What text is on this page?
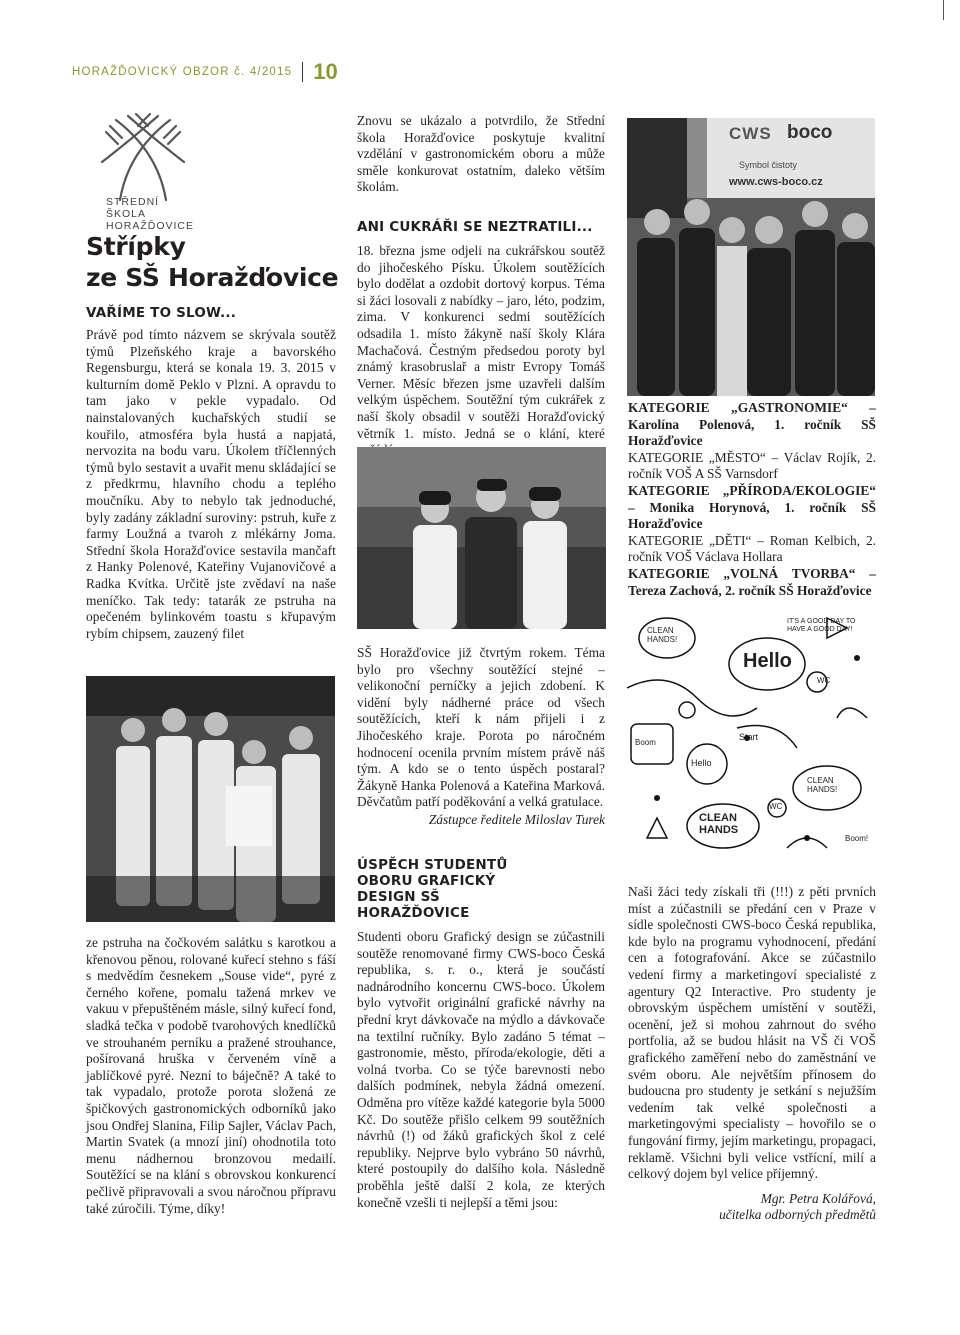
HORAŽĎOVICKÝ OBZOR č. 4/2015 10
STŘEDNÍ ŠKOLA
HORAŽĎOVICE
Střípky
ze SŠ Horažďovice

VAŘÍME TO SLOW...

Právě pod tímto názvem se skrývala soutěž týmů Plzeňského kraje a bavorského Regensburgu, která se konala 19. 3. 2015 v kulturním domě Peklo v Plzni. A opravdu to tam jako v pekle vypadalo. Od nainstalovaných kuchařských studií se kouřilo, atmosféra byla hustá a napjatá, nervozita na bodu varu. Úkolem tříčlenných týmů bylo sestavit a uvařit menu skládající se z předkrmu, hlavního chodu a teplého moučníku. Aby to nebylo tak jednoduché, byly zadány základní suroviny: pstruh, kuře z farmy Loužná a tvaroh z mlékárny Joma. Střední škola Horažďovice sestavila mančaft z Hanky Polenové, Kateřiny Vujanovičové a Radka Kvítka. Určitě jste zvědaví na naše meníčko. Tak tedy: tatarák ze pstruha na opečeném bylinkovém toastu s křupavým rybím chipsem, zauzený filet

ze pstruha na čočkovém salátku s karotkou a křenovou pěnou, rolované kuřecí stehno s fáší s medvědím česnekem „Souse vide“, pyré z černého kořene, pomalu tažená mrkev ve vakuu v přepuštěném másle, silný kuřecí fond, sladká tečka v podobě tvarohových knedlíčků ve strouhaném perníku a pražené strouhance, pošírovaná hruška v červeném víně a jablíčkové pyré. Nezní to báječně? A také to tak vypadalo, protože porota složená ze špičkových gastronomických odborníků jako jsou Ondřej Slanina, Filip Sajler, Václav Pach, Martin Svatek (a mnozí jiní) ohodnotila toto menu nádhernou bronzovou medailí. Soutěžící se na klání s obrovskou konkurencí pečlivě připravovali a svou náročnou přípravu také zúročili. Týme, díky!

Znovu se ukázalo a potvrdilo, že Střední škola Horažďovice poskytuje kvalitní vzdělání v gastronomickém oboru a může směle konkurovat ostatním, daleko větším školám.

ANI CUKRÁŘI SE NEZTRATILI...

18. března jsme odjeli na cukrářskou soutěž do jihočeského Písku. Úkolem soutěžících bylo dodělat a ozdobit dortový korpus. Téma si žáci losovali z nabídky – jaro, léto, podzim, zima. V konkurenci sedmi soutěžících odsadila 1. místo žákyně naší školy Klára Machačová. Čestným předsedou poroty byl známý krasobruslař a mistr Evropy Tomáš Verner. Měsíc březen jsme uzavřeli dalším velkým úspěchem. Soutěžní tým cukrářek z naší školy obsadil v soutěži Horažďovický větrník 1. místo. Jedná se o klání, které

SŠ Horažďovice již čtvrtým rokem. Téma bylo pro všechny soutěžící stejné – velikonoční perníčky a jejich zdobení. K vidění byly nádherné práce od všech soutěžících, kteří k nám přijeli i z Jihočeského kraje. Porota po náročném hodnocení ocenila prvním místem právě náš tým. A kdo se o tento úspěch postaral? Žákyně Hanka Polenová a Kateřina Marková. Děvčatům patří poděkování a velká gratulace.

Zástupce ředitele Miloslav Turek

ÚSPĚCH STUDENTŮ OBORU GRAFICKÝ DESIGN SŠ HORAŽĎOVICE

Studenti oboru Grafický design se zúčastnili soutěže renomované firmy CWS-boco Česká republika, s. r. o., která je součástí nadnárodního koncernu CWS-boco. Úkolem bylo vytvořit originální grafické návrhy na přední kryt dávkovače na mýdlo a dávkovače na textilní ručníky. Bylo zadáno 5 témat – gastronomie, město, příroda/ekologie, děti a volná tvorba. Co se týče barevnosti nebo dalších podmínek, nebyla žádná omezení. Odměna pro vítěze každé kategorie byla 5000 Kč. Do soutěže přišlo celkem 99 soutěžních návrhů (!) od žáků grafických škol z celé republiky. Nejprve bylo vybráno 50 návrhů, které postoupily do dalšího kola. Následně proběhla ještě další 2 kola, ze kterých konečně vzešli ti nejlepší a těmi jsou:

CWS boco
Symbol čistoty
www.cws-boco.cz
KATEGORIE „GASTRONOMIE“ – Karolína Polenová, 1. ročník SŠ Horažďovice
KATEGORIE „MĚSTO“ – Václav Rojík, 2. ročník VOŠ A SŠ Varnsdorf
KATEGORIE „PŘÍRODA/EKOLOGIE“ – Monika Horynová, 1. ročník SŠ Horažďovice
KATEGORIE „DĚTI“ – Roman Kelbich, 2. ročník VOŠ Václava Hollara
KATEGORIE „VOLNÁ TVORBA“ – Tereza Zachová, 2. ročník SŠ Horažďovice
Hello
CLEAN HANDS!
IT'S A GOOD DAY TO HAVE A GOOD DAY!
WC
CLEAN HANDS
Start
Boom
Hello
CLEAN HANDS!
WC
Boom!

Naši žáci tedy získali tři (!!!) z pěti prvních míst a zúčastnili se předání cen v Praze v sídle společnosti CWS-boco Česká republika, kde bylo na programu vyhodnocení, předání cen a fotografování. Akce se zúčastnilo vedení firmy a marketingoví specialisté z agentury Q2 Interactive. Pro studenty je obrovským úspěchem umístění v soutěži, ocenění, jež si mohou zahrnout do svého portfolia, až se budou hlásit na VŠ či VOŠ grafického zaměření nebo do zaměstnání ve svém oboru. Ale největším přínosem do budoucna pro studenty je setkání s nejužším vedením tak velké společnosti a marketingovými specialisty – hovořilo se o fungování firmy, jejím marketingu, propagaci, reklamě. Všichni byli velice vstřícní, milí a celkový dojem byl velice příjemný.

Mgr. Petra Kolářová,

učitelka odborných předmětů
